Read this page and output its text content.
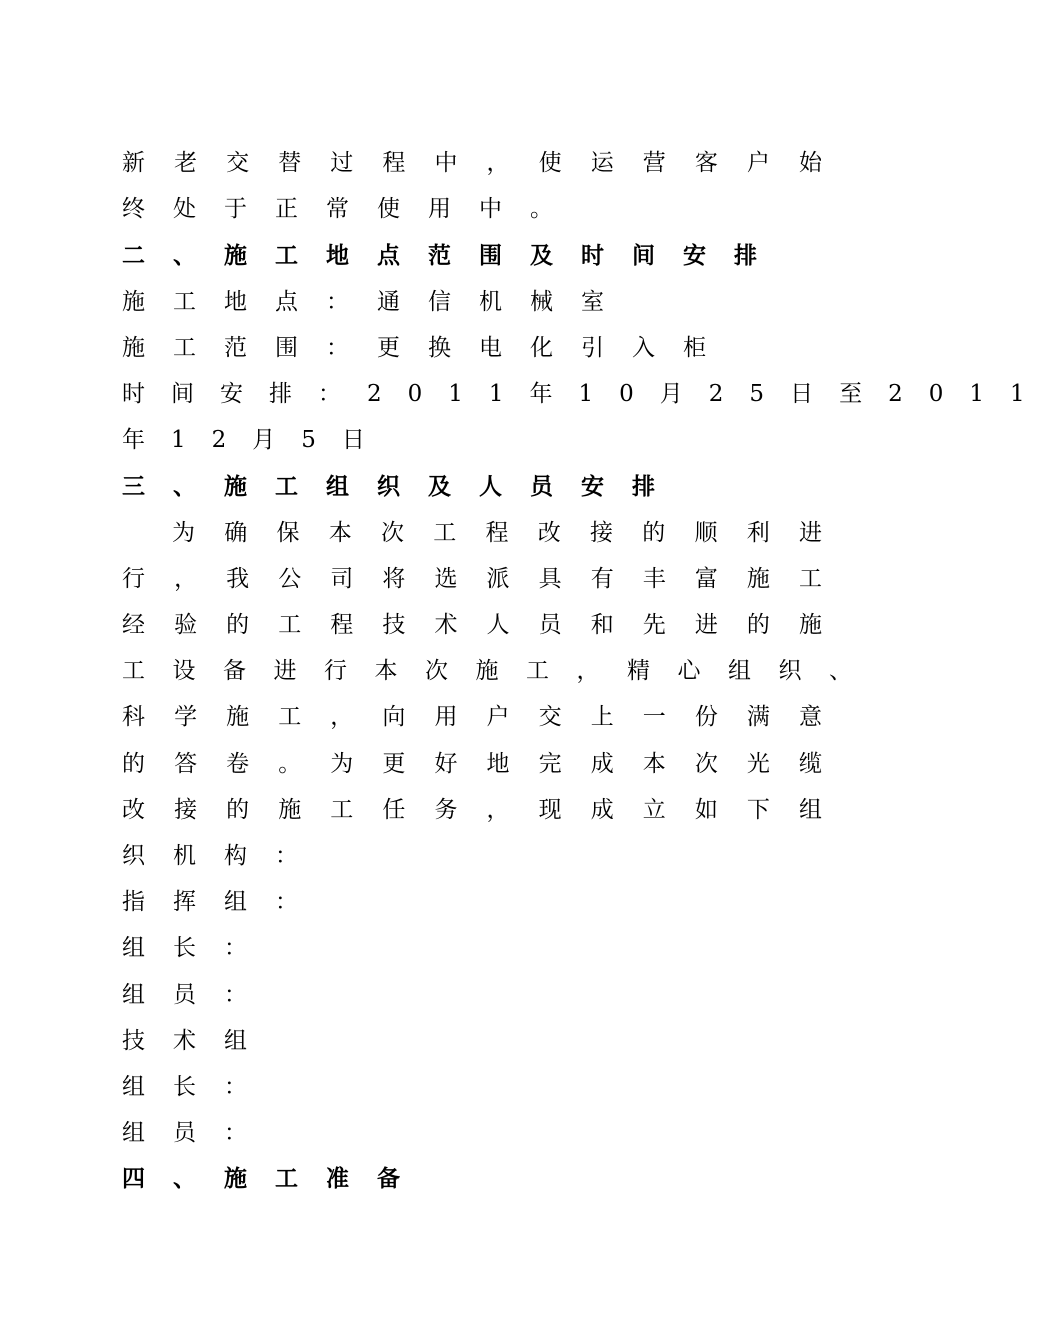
新老交替过程中，使运营客户始
终处于正常使用中。
二、施工地点范围及时间安排
施工地点：通信机械室
施工范围：更换电化引入柜
时间安排：2011年10月25日至2011
年12月5日
三、施工组织及人员安排
为确保本次工程改接的顺利进
行，我公司将选派具有丰富施工
经验的工程技术人员和先进的施
工设备进行本次施工，精心组织、
科学施工，向用户交上一份满意
的答卷。为更好地完成本次光缆
改接的施工任务，现成立如下组
织机构：
指挥组：
组长：
组员：
技术组
组长：
组员：
四、施工准备
